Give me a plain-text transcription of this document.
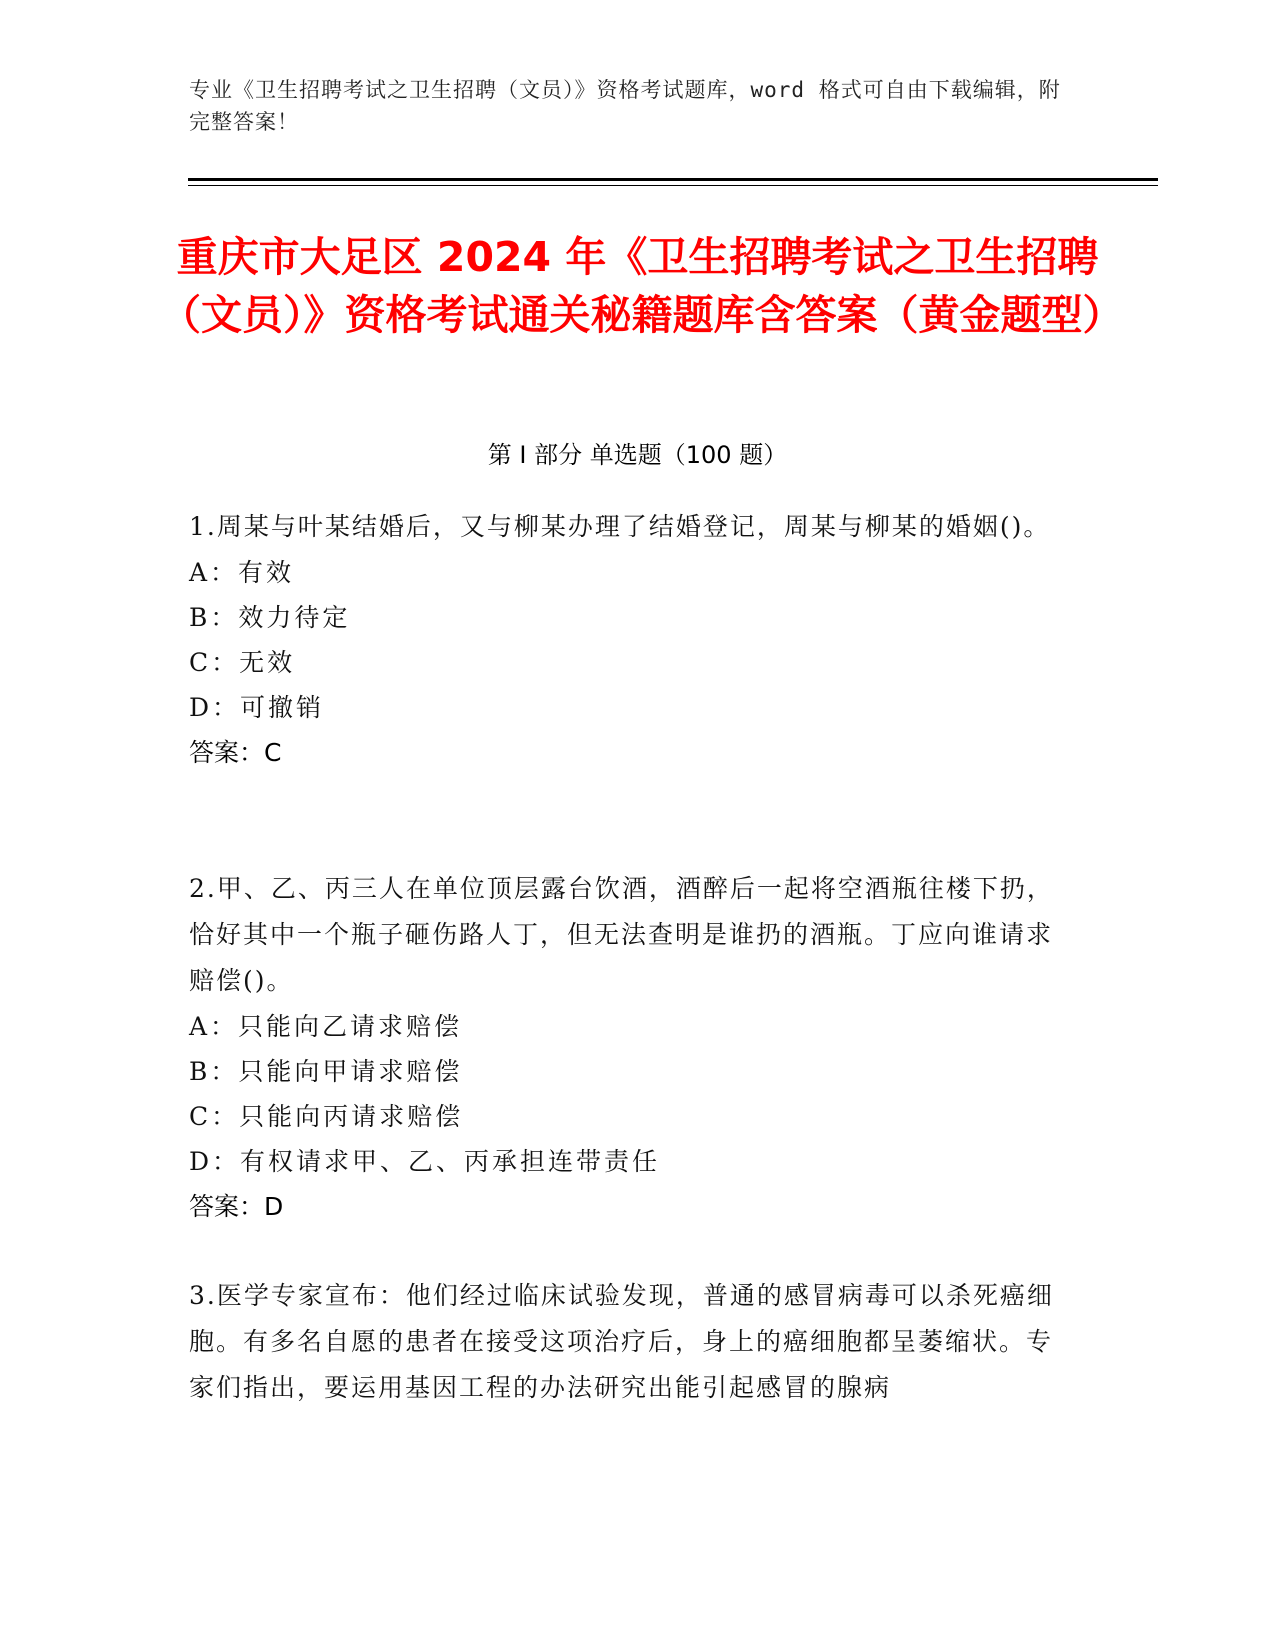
专业《卫生招聘考试之卫生招聘（文员）》资格考试题库，word 格式可自由下载编辑，附完整答案！
重庆市大足区 2024 年《卫生招聘考试之卫生招聘（文员）》资格考试通关秘籍题库含答案（黄金题型）
第 I 部分 单选题（100 题）

1.周某与叶某结婚后，又与柳某办理了结婚登记，周某与柳某的婚姻()。

A：有效

B：效力待定

C：无效

D：可撤销

答案：C

2.甲、乙、丙三人在单位顶层露台饮酒，酒醉后一起将空酒瓶往楼下扔，恰好其中一个瓶子砸伤路人丁，但无法查明是谁扔的酒瓶。丁应向谁请求赔偿()。

A：只能向乙请求赔偿

B：只能向甲请求赔偿

C：只能向丙请求赔偿

D：有权请求甲、乙、丙承担连带责任

答案：D

3.医学专家宣布：他们经过临床试验发现，普通的感冒病毒可以杀死癌细胞。有多名自愿的患者在接受这项治疗后，身上的癌细胞都呈萎缩状。专家们指出，要运用基因工程的办法研究出能引起感冒的腺病
